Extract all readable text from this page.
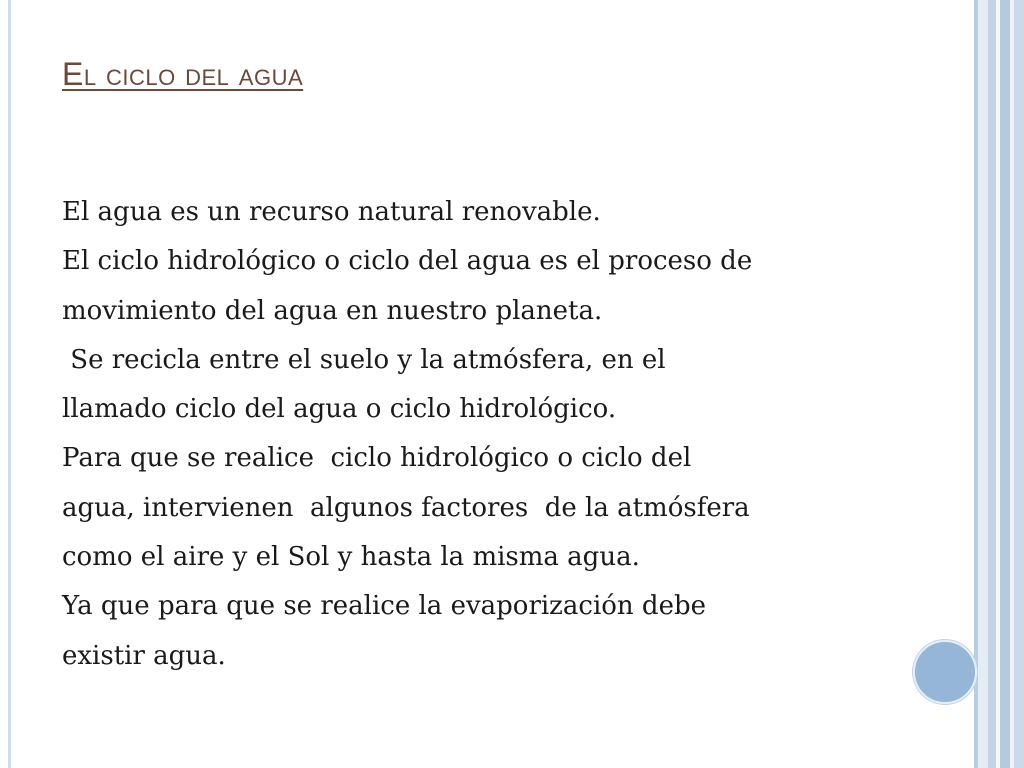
El ciclo del agua
El agua es un recurso natural renovable.
El ciclo hidrológico o ciclo del agua es el proceso de
movimiento del agua en nuestro planeta.
Se recicla entre el suelo y la atmósfera, en el
llamado ciclo del agua o ciclo hidrológico.
Para que se realice  ciclo hidrológico o ciclo del
agua, intervienen  algunos factores  de la atmósfera
como el aire y el Sol y hasta la misma agua.
Ya que para que se realice la evaporización debe
existir agua.
